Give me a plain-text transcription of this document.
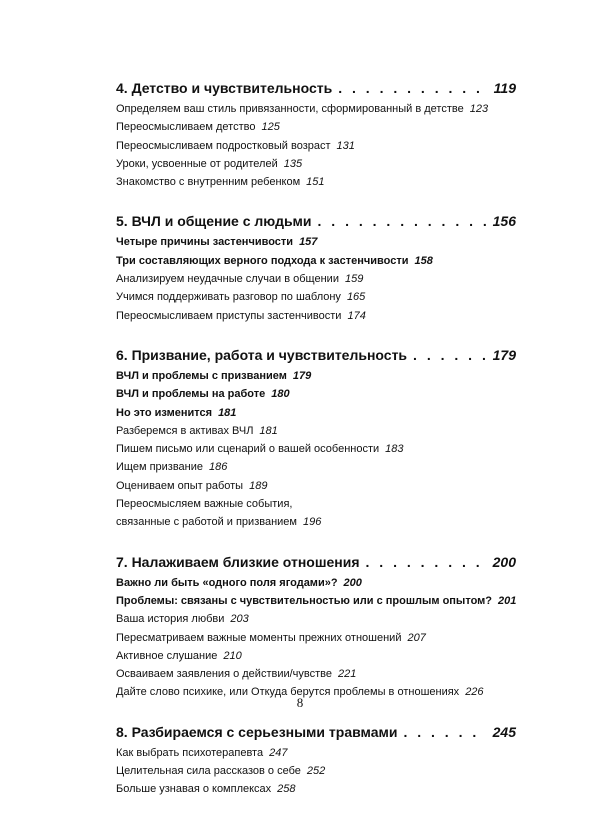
4. Детство и чувствительность . . .	119
Определяем ваш стиль привязанности, сформированный в детстве 123
Переосмысливаем детство 125
Переосмысливаем подростковый возраст 131
Уроки, усвоенные от родителей 135
Знакомство с внутренним ребенком 151
5. ВЧЛ и общение с людьми . . .	156
Четыре причины застенчивости 157
Три составляющих верного подхода к застенчивости 158
Анализируем неудачные случаи в общении 159
Учимся поддерживать разговор по шаблону 165
Переосмысливаем приступы застенчивости 174
6. Призвание, работа и чувствительность . . .	179
ВЧЛ и проблемы с призванием 179
ВЧЛ и проблемы на работе 180
Но это изменится 181
Разберемся в активах ВЧЛ 181
Пишем письмо или сценарий о вашей особенности 183
Ищем призвание 186
Оцениваем опыт работы 189
Переосмысляем важные события,
связанные с работой и призванием 196
7. Налаживаем близкие отношения . . .	200
Важно ли быть «одного поля ягодами»? 200
Проблемы: связаны с чувствительностью или с прошлым опытом? 201
Ваша история любви 203
Пересматриваем важные моменты прежних отношений 207
Активное слушание 210
Осваиваем заявления о действии/чувстве 221
Дайте слово психике, или Откуда берутся проблемы в отношениях 226
8. Разбираемся с серьезными травмами . . .	245
Как выбрать психотерапевта 247
Целительная сила рассказов о себе 252
Больше узнавая о комплексах 258
8
